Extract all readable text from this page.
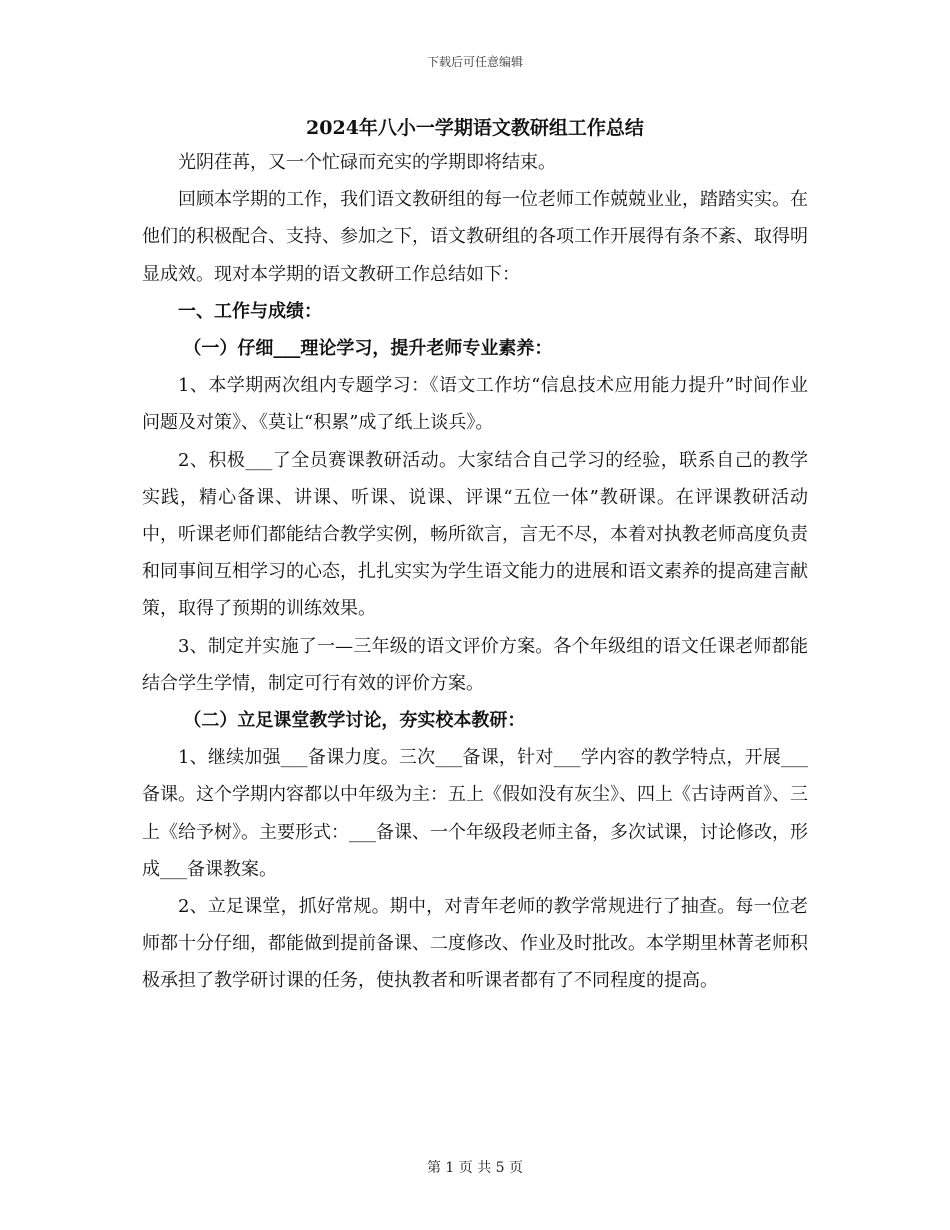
下载后可任意编辑
2024年八小一学期语文教研组工作总结

光阴荏苒，又一个忙碌而充实的学期即将结束。

回顾本学期的工作，我们语文教研组的每一位老师工作兢兢业业，踏踏实实。在他们的积极配合、支持、参加之下，语文教研组的各项工作开展得有条不紊、取得明显成效。现对本学期的语文教研工作总结如下：

一、工作与成绩：

（一）仔细___理论学习，提升老师专业素养：

1、本学期两次组内专题学习：《语文工作坊“信息技术应用能力提升”时间作业问题及对策》、《莫让“积累”成了纸上谈兵》。

2、积极___了全员赛课教研活动。大家结合自己学习的经验，联系自己的教学实践，精心备课、讲课、听课、说课、评课“五位一体”教研课。在评课教研活动中，听课老师们都能结合教学实例，畅所欲言，言无不尽，本着对执教老师高度负责和同事间互相学习的心态，扎扎实实为学生语文能力的进展和语文素养的提高建言献策，取得了预期的训练效果。

3、制定并实施了一—三年级的语文评价方案。各个年级组的语文任课老师都能结合学生学情，制定可行有效的评价方案。

（二）立足课堂教学讨论，夯实校本教研：

1、继续加强___备课力度。三次___备课，针对___学内容的教学特点，开展___备课。这个学期内容都以中年级为主：五上《假如没有灰尘》、四上《古诗两首》、三上《给予树》。主要形式：___备课、一个年级段老师主备，多次试课，讨论修改，形成___备课教案。

2、立足课堂，抓好常规。期中，对青年老师的教学常规进行了抽查。每一位老师都十分仔细，都能做到提前备课、二度修改、作业及时批改。本学期里林菁老师积极承担了教学研讨课的任务，使执教者和听课者都有了不同程度的提高。

第 1 页 共 5 页
